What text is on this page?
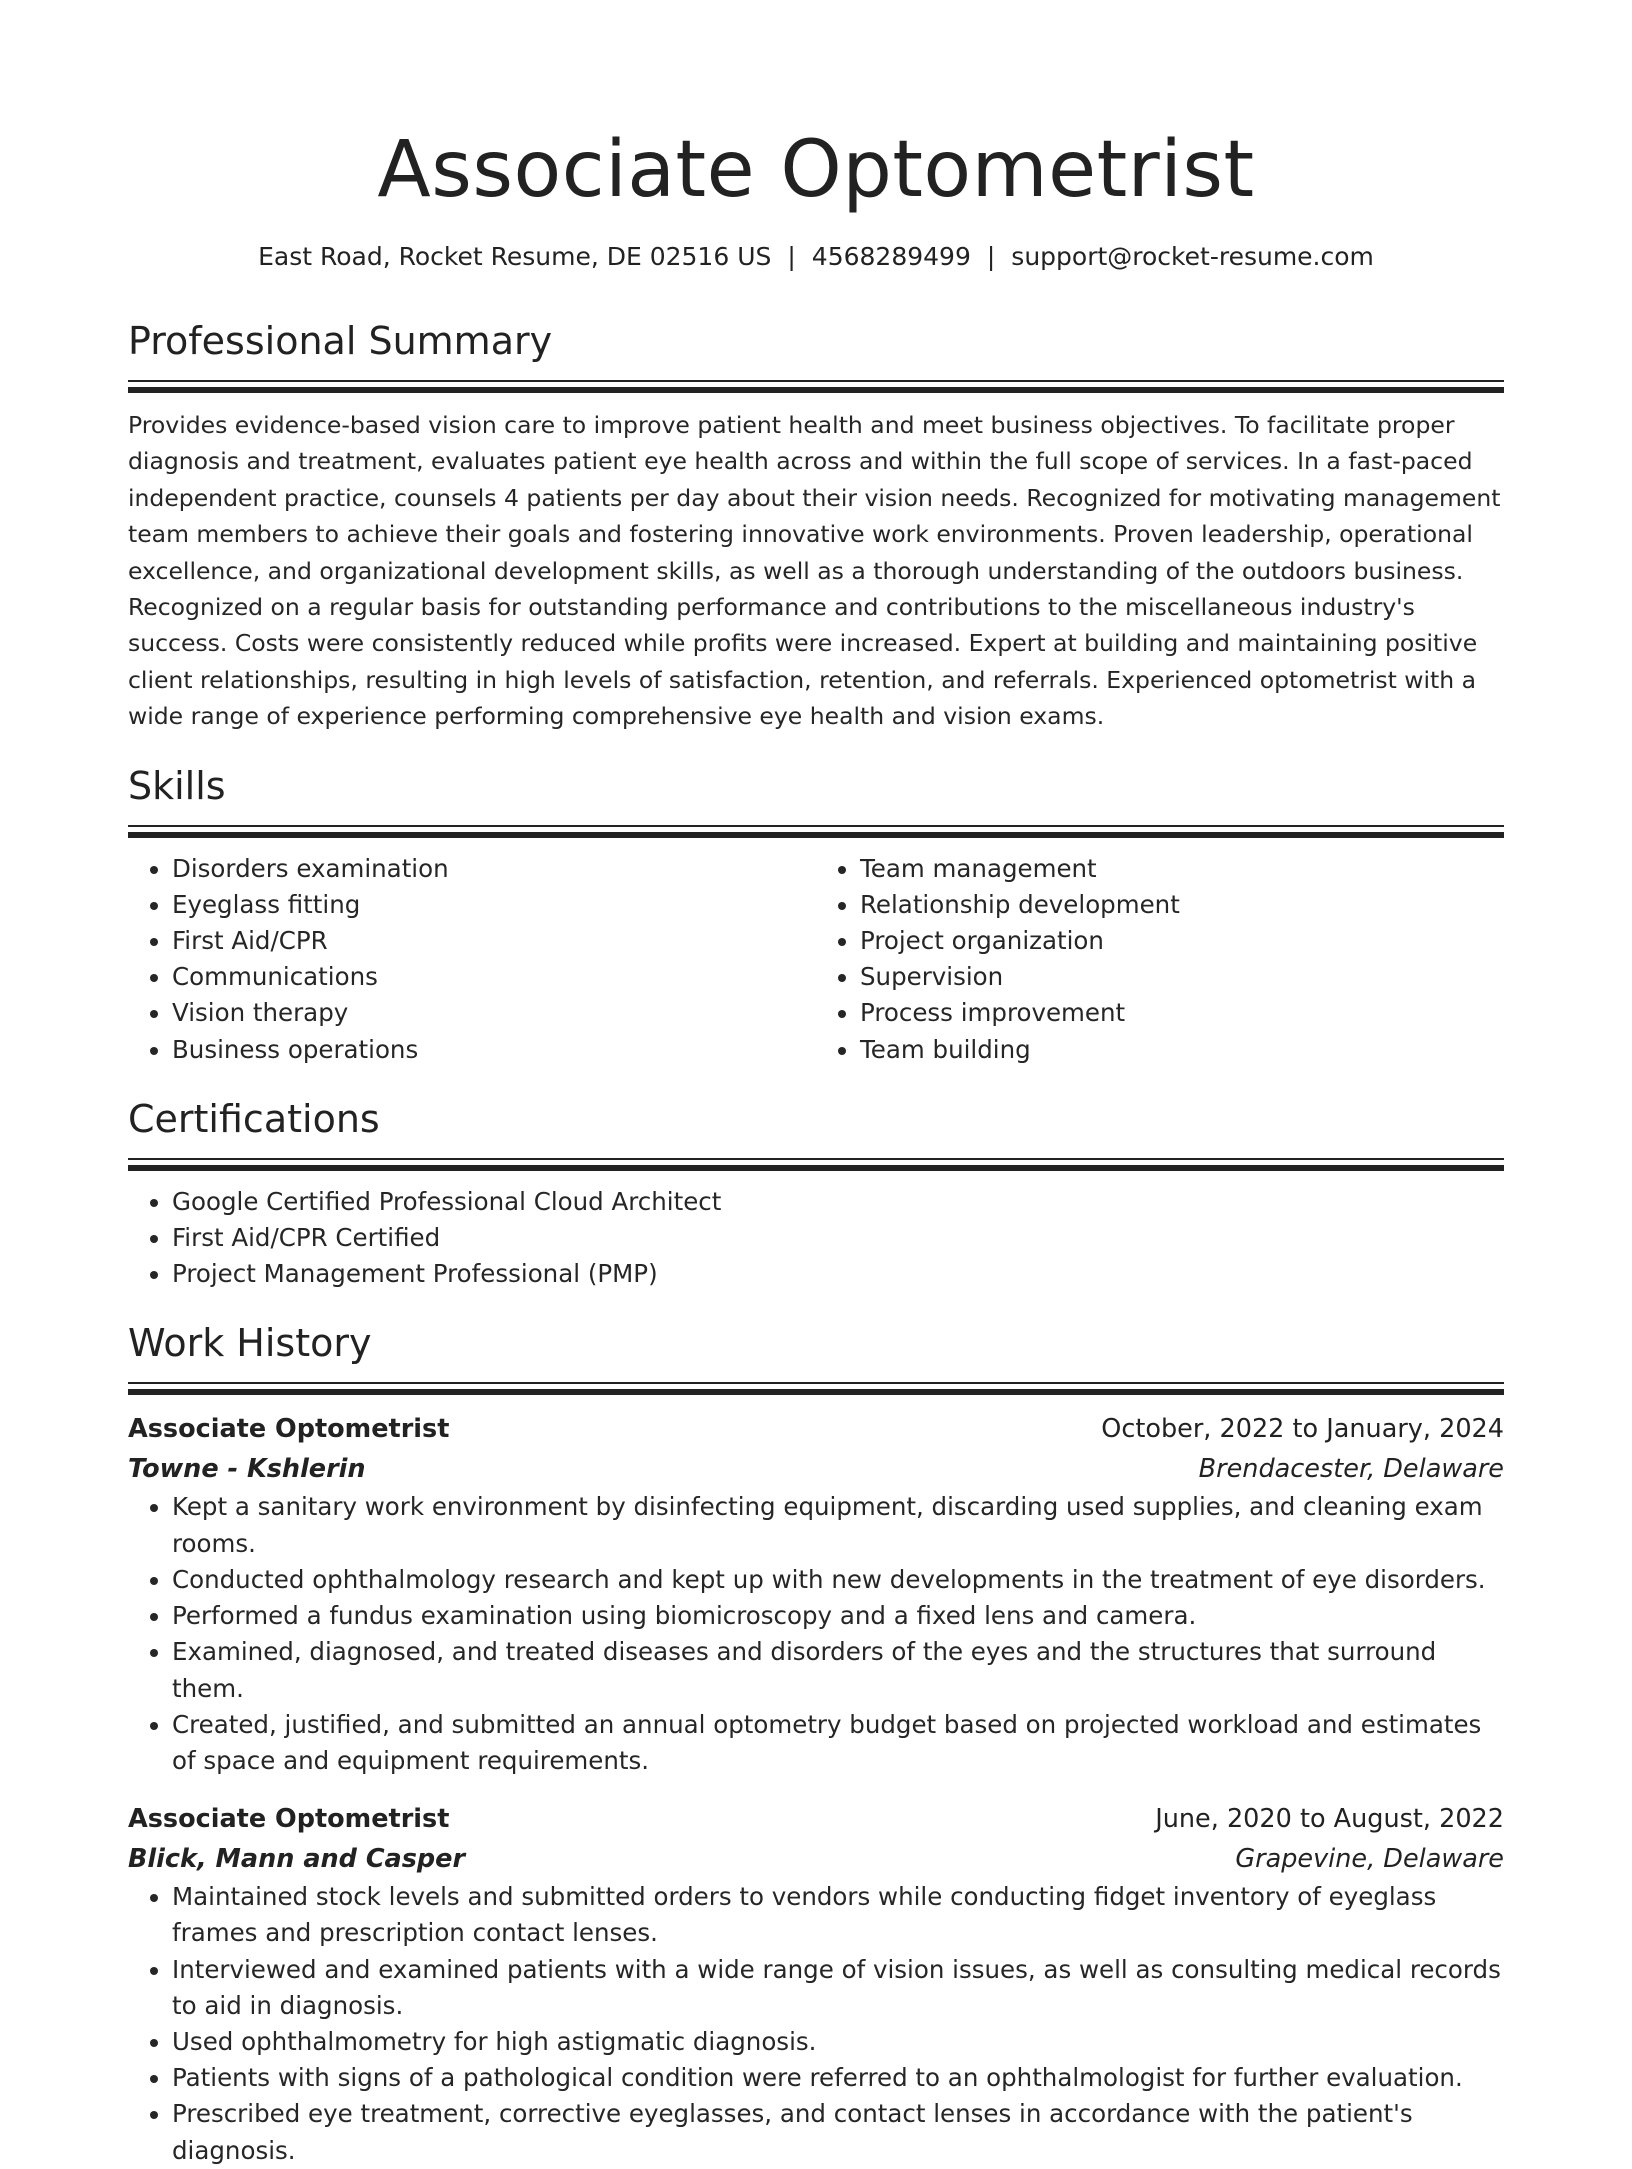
Associate Optometrist
East Road, Rocket Resume, DE 02516 US | 4568289499 | support@rocket-resume.com
Professional Summary
Provides evidence-based vision care to improve patient health and meet business objectives. To facilitate proper diagnosis and treatment, evaluates patient eye health across and within the full scope of services. In a fast-paced independent practice, counsels 4 patients per day about their vision needs. Recognized for motivating management team members to achieve their goals and fostering innovative work environments. Proven leadership, operational excellence, and organizational development skills, as well as a thorough understanding of the outdoors business. Recognized on a regular basis for outstanding performance and contributions to the miscellaneous industry's success. Costs were consistently reduced while profits were increased. Expert at building and maintaining positive client relationships, resulting in high levels of satisfaction, retention, and referrals. Experienced optometrist with a wide range of experience performing comprehensive eye health and vision exams.
Skills
• Disorders examination
• Eyeglass fitting
• First Aid/CPR
• Communications
• Vision therapy
• Business operations
• Team management
• Relationship development
• Project organization
• Supervision
• Process improvement
• Team building
Certifications
• Google Certified Professional Cloud Architect
• First Aid/CPR Certified
• Project Management Professional (PMP)
Work History
Associate Optometrist	October, 2022 to January, 2024
Towne - Kshlerin	Brendacester, Delaware
• Kept a sanitary work environment by disinfecting equipment, discarding used supplies, and cleaning exam rooms.
• Conducted ophthalmology research and kept up with new developments in the treatment of eye disorders.
• Performed a fundus examination using biomicroscopy and a fixed lens and camera.
• Examined, diagnosed, and treated diseases and disorders of the eyes and the structures that surround them.
• Created, justified, and submitted an annual optometry budget based on projected workload and estimates of space and equipment requirements.
Associate Optometrist	June, 2020 to August, 2022
Blick, Mann and Casper	Grapevine, Delaware
• Maintained stock levels and submitted orders to vendors while conducting fidget inventory of eyeglass frames and prescription contact lenses.
• Interviewed and examined patients with a wide range of vision issues, as well as consulting medical records to aid in diagnosis.
• Used ophthalmometry for high astigmatic diagnosis.
• Patients with signs of a pathological condition were referred to an ophthalmologist for further evaluation.
• Prescribed eye treatment, corrective eyeglasses, and contact lenses in accordance with the patient's diagnosis.
